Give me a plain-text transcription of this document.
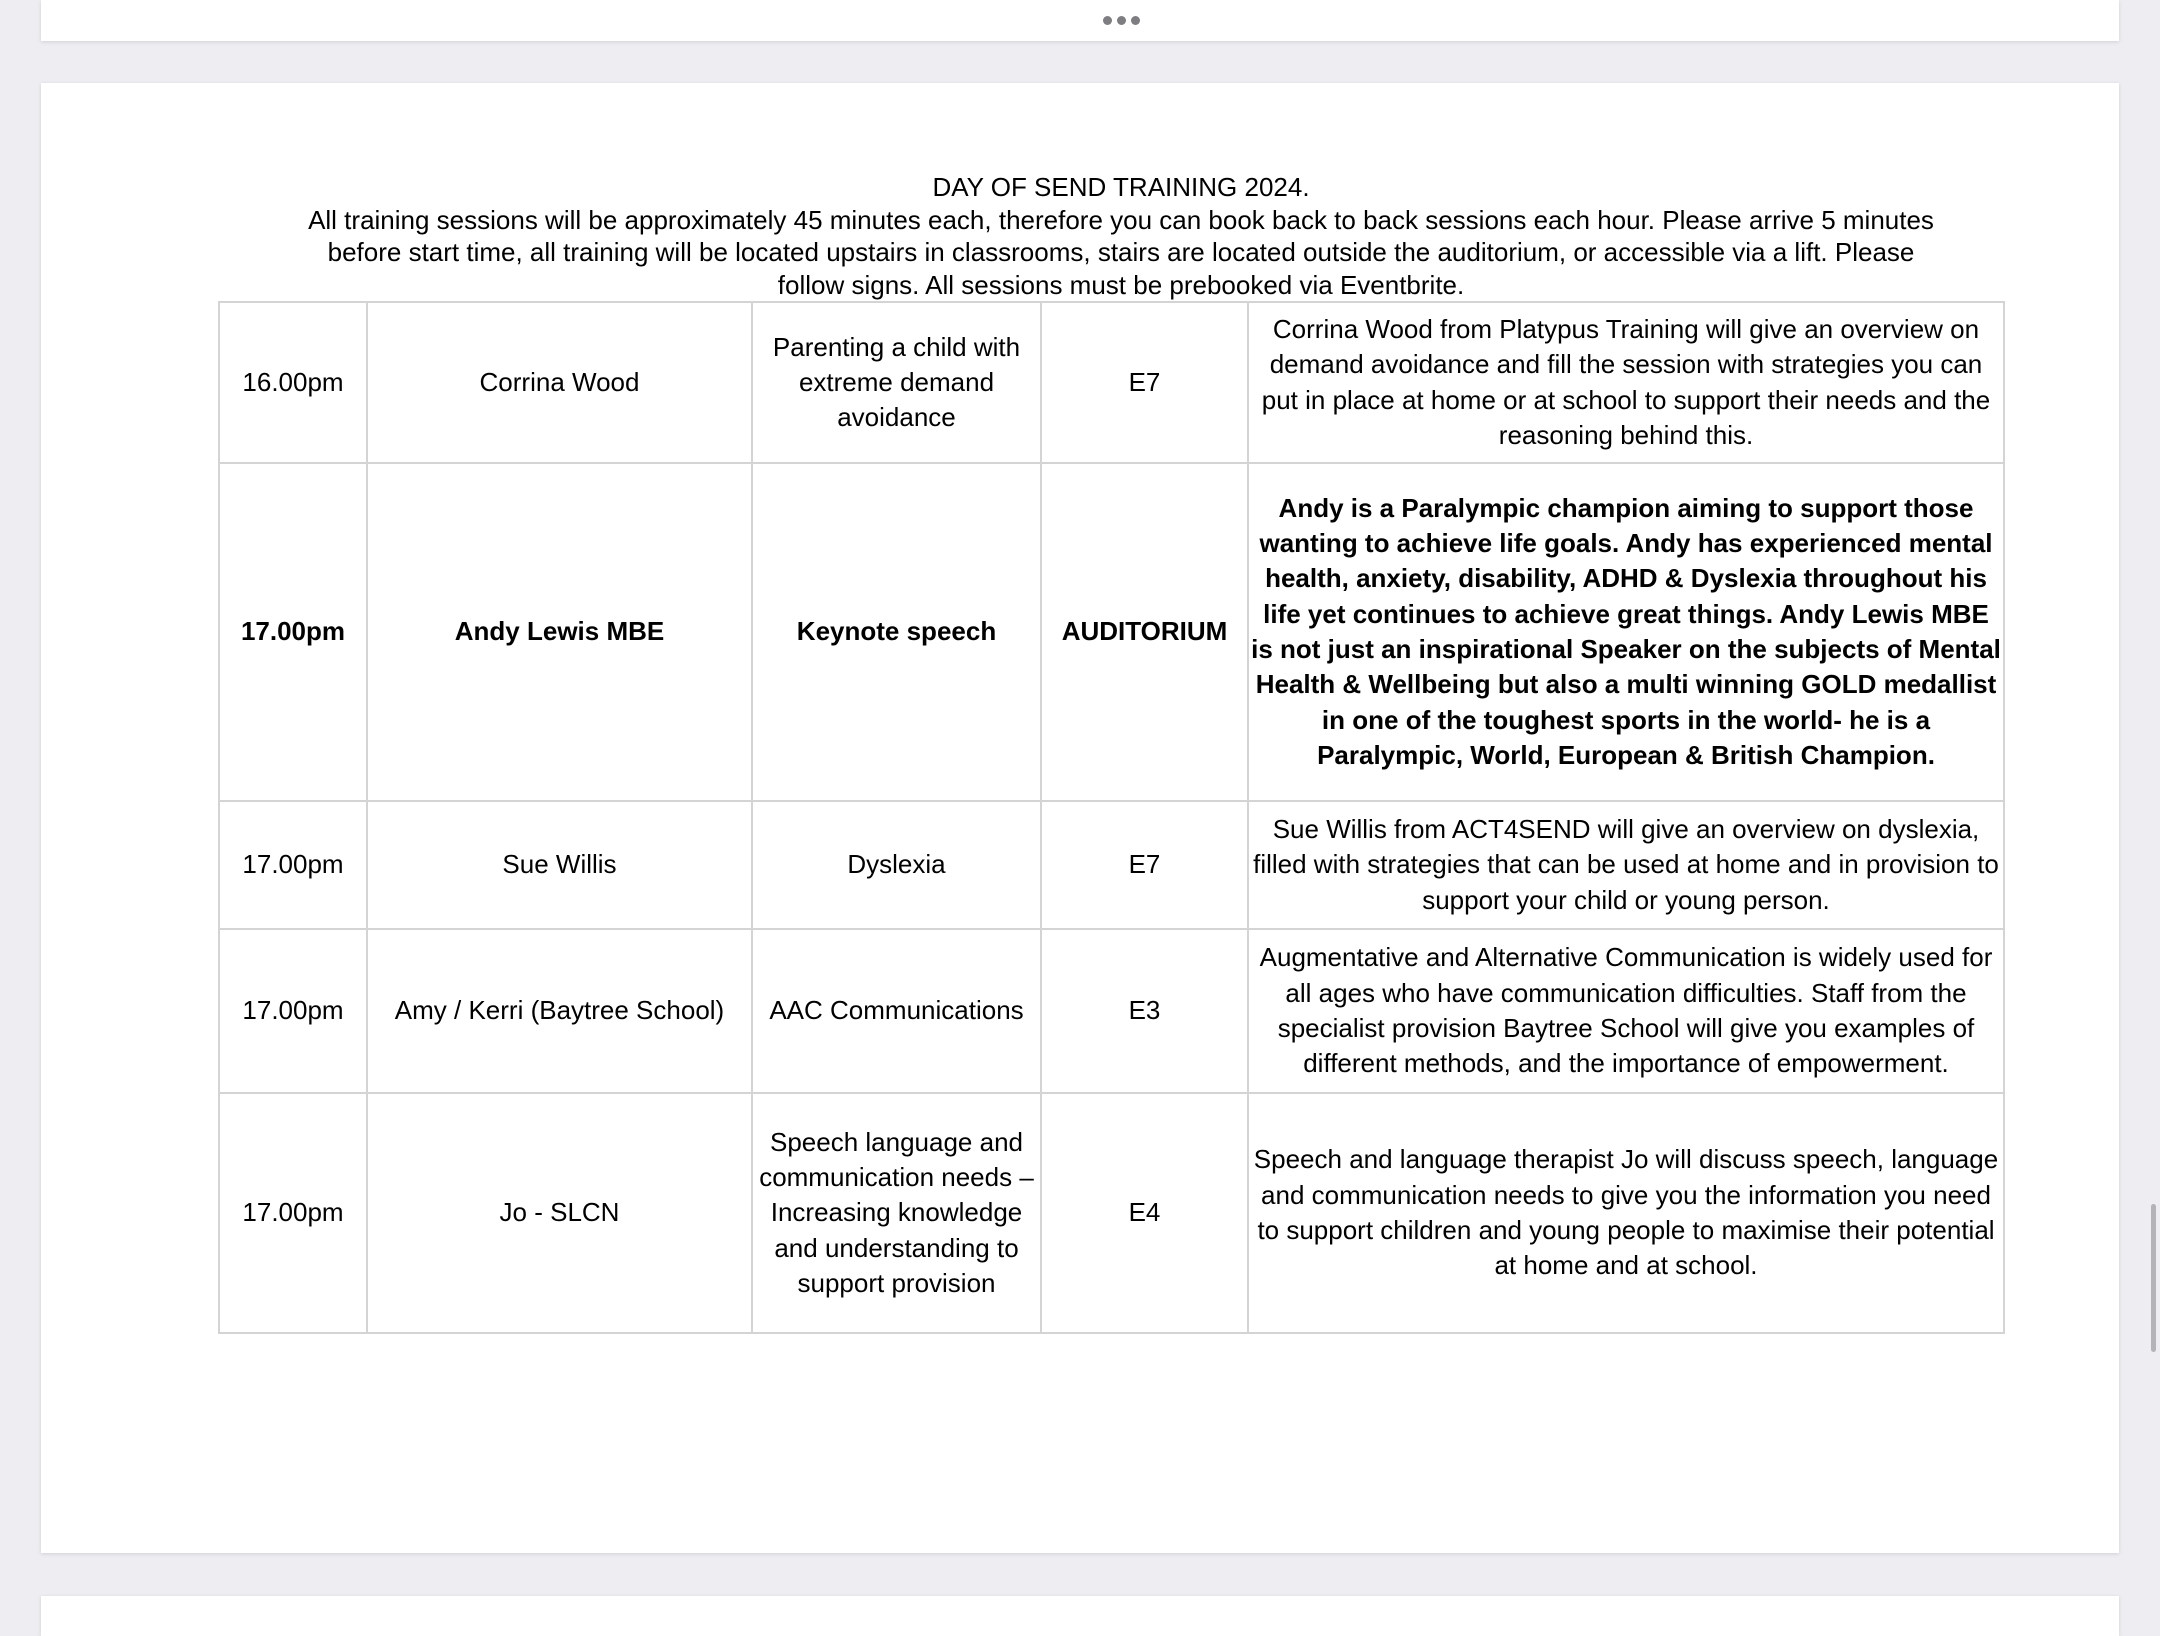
DAY OF SEND TRAINING 2024.
All training sessions will be approximately 45 minutes each, therefore you can book back to back sessions each hour. Please arrive 5 minutes
before start time, all training will be located upstairs in classrooms, stairs are located outside the auditorium, or accessible via a lift. Please
follow signs. All sessions must be prebooked via Eventbrite.
16.00pm	Corrina Wood	Parenting a child with extreme demand avoidance	E7	Corrina Wood from Platypus Training will give an overview on demand avoidance and fill the session with strategies you can put in place at home or at school to support their needs and the reasoning behind this.
17.00pm	Andy Lewis MBE	Keynote speech	AUDITORIUM	Andy is a Paralympic champion aiming to support those wanting to achieve life goals. Andy has experienced mental health, anxiety, disability, ADHD & Dyslexia throughout his life yet continues to achieve great things. Andy Lewis MBE is not just an inspirational Speaker on the subjects of Mental Health & Wellbeing but also a multi winning GOLD medallist in one of the toughest sports in the world- he is a Paralympic, World, European & British Champion.
17.00pm	Sue Willis	Dyslexia	E7	Sue Willis from ACT4SEND will give an overview on dyslexia, filled with strategies that can be used at home and in provision to support your child or young person.
17.00pm	Amy / Kerri (Baytree School)	AAC Communications	E3	Augmentative and Alternative Communication is widely used for all ages who have communication difficulties. Staff from the specialist provision Baytree School will give you examples of different methods, and the importance of empowerment.
17.00pm	Jo - SLCN	Speech language and communication needs – Increasing knowledge and understanding to support provision	E4	Speech and language therapist Jo will discuss speech, language and communication needs to give you the information you need to support children and young people to maximise their potential at home and at school.
